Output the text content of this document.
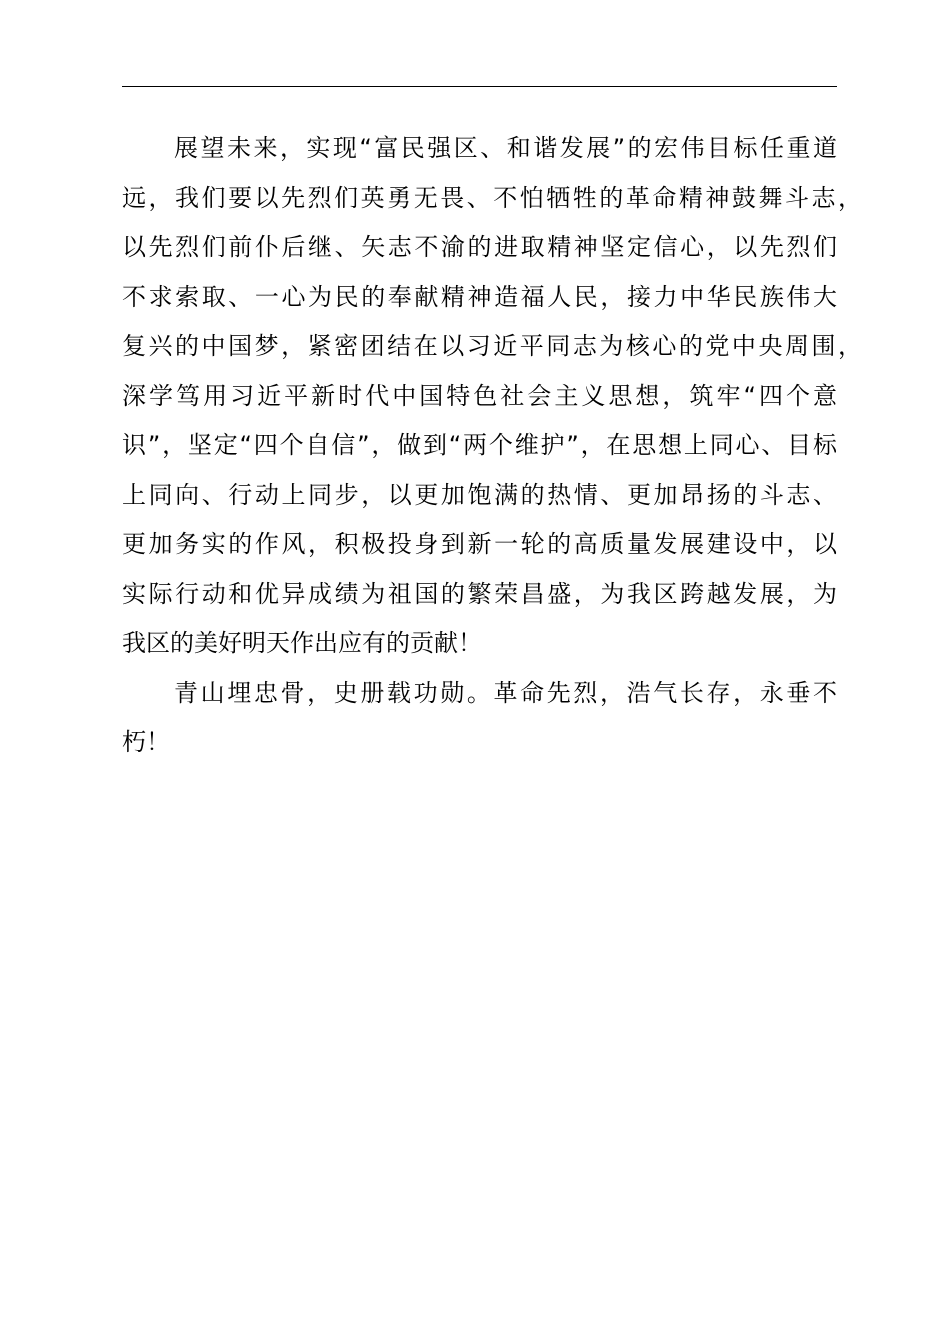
展望未来，实现“富民强区、和谐发展”的宏伟目标任重道
远，我们要以先烈们英勇无畏、不怕牺牲的革命精神鼓舞斗志，
以先烈们前仆后继、矢志不渝的进取精神坚定信心，以先烈们
不求索取、一心为民的奉献精神造福人民，接力中华民族伟大
复兴的中国梦，紧密团结在以习近平同志为核心的党中央周围，
深学笃用习近平新时代中国特色社会主义思想，筑牢“四个意
识”，坚定“四个自信”，做到“两个维护”，在思想上同心、目标
上同向、行动上同步，以更加饱满的热情、更加昂扬的斗志、
更加务实的作风，积极投身到新一轮的高质量发展建设中，以
实际行动和优异成绩为祖国的繁荣昌盛，为我区跨越发展，为
我区的美好明天作出应有的贡献！
青山埋忠骨，史册载功勋。革命先烈，浩气长存，永垂不
朽！
